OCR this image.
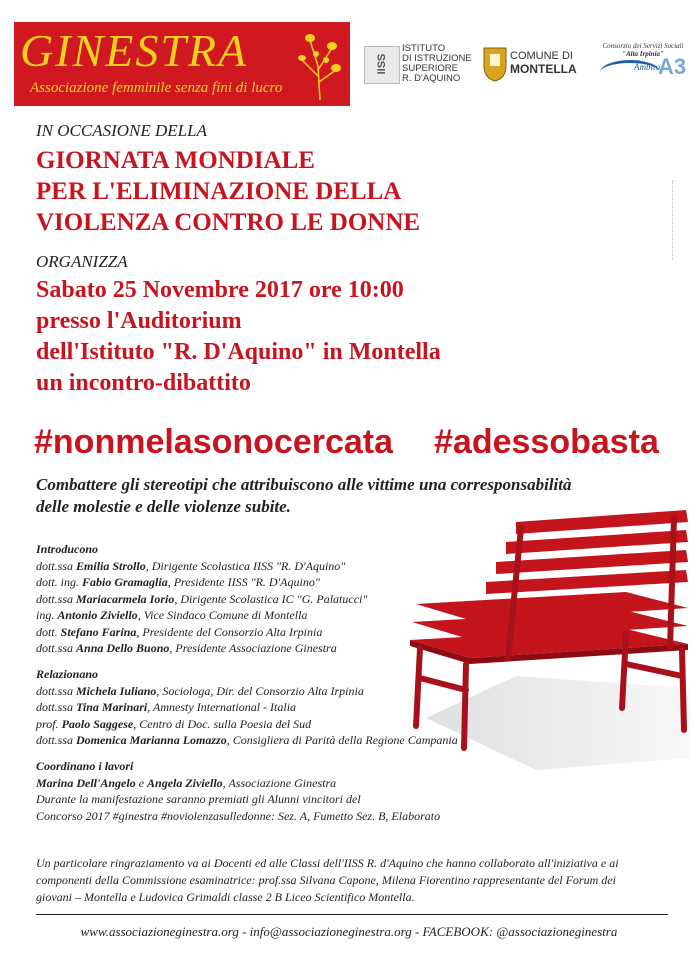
GINESTRA
Associazione femminile senza fini di lucro
IISS
ISTITUTO
DI ISTRUZIONE
SUPERIORE
R. D'AQUINO
COMUNE DI
MONTELLA
Consorzio dei Servizi Sociali
"Alta Irpinia"
Ambito
A3
IN OCCASIONE DELLA
GIORNATA MONDIALE
PER L'ELIMINAZIONE DELLA
VIOLENZA CONTRO LE DONNE
ORGANIZZA
Sabato 25 Novembre 2017 ore 10:00
presso l'Auditorium
dell'Istituto "R. D'Aquino" in Montella
un incontro-dibattito
#nonmelasonocercata #adessobasta
Combattere gli stereotipi che attribuiscono alle vittime una corresponsabilità
delle molestie e delle violenze subite.
Introducono
dott.ssa Emilia Strollo, Dirigente Scolastica IISS "R. D'Aquino"
dott. ing. Fabio Gramaglia, Presidente IISS "R. D'Aquino"
dott.ssa Mariacarmela Iorio, Dirigente Scolastica IC "G. Palatucci"
ing. Antonio Ziviello, Vice Sindaco Comune di Montella
dott. Stefano Farina, Presidente del Consorzio Alta Irpinia
dott.ssa Anna Dello Buono, Presidente Associazione Ginestra
Relazionano
dott.ssa Michela Iuliano, Sociologa, Dir. del Consorzio Alta Irpinia
dott.ssa Tina Marinari, Amnesty International - Italia
prof. Paolo Saggese, Centro di Doc. sulla Poesia del Sud
dott.ssa Domenica Marianna Lomazzo, Consigliera di Parità della Regione Campania
Coordinano i lavori
Marina Dell'Angelo e Angela Ziviello, Associazione Ginestra
Durante la manifestazione saranno premiati gli Alunni vincitori del
Concorso 2017 #ginestra #noviolenzasulledonne: Sez. A, Fumetto Sez. B, Elaborato
Un particolare ringraziamento va ai Docenti ed alle Classi dell'IISS R. d'Aquino che hanno collaborato all'iniziativa e ai
componenti della Commissione esaminatrice: prof.ssa Silvana Capone, Milena Fiorentino rappresentante del Forum dei
giovani – Montella e Ludovica Grimaldi classe 2 B Liceo Scientifico Montella.
www.associazioneginestra.org - info@associazioneginestra.org - FACEBOOK: @associazioneginestra
